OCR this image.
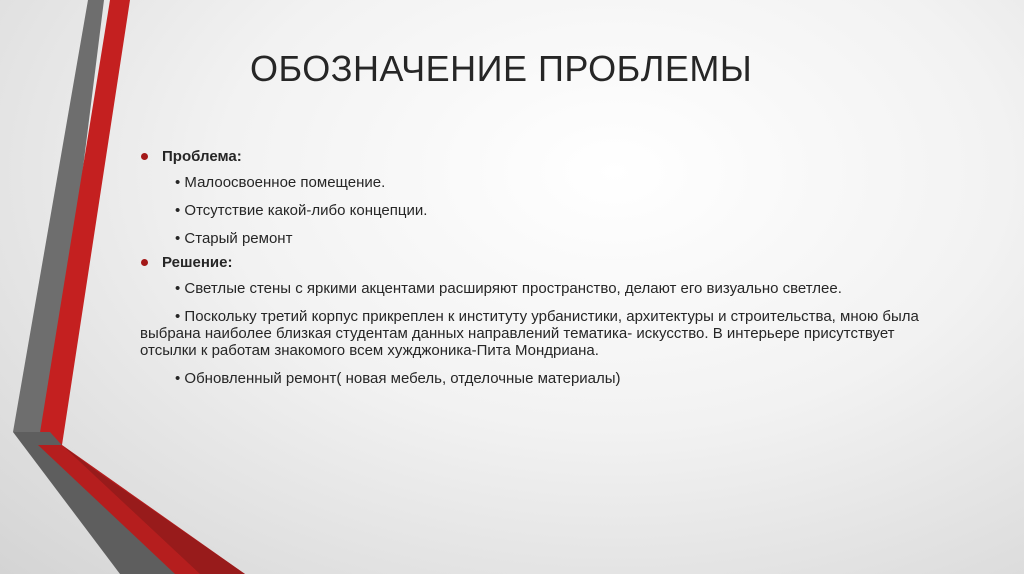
ОБОЗНАЧЕНИЕ ПРОБЛЕМЫ
Проблема:
• Малоосвоенное помещение.
• Отсутствие какой-либо концепции.
• Старый ремонт
Решение:
• Светлые стены с яркими акцентами расширяют пространство, делают его визуально светлее.
• Поскольку третий корпус прикреплен к институту урбанистики, архитектуры и строительства, мною была выбрана наиболее близкая студентам данных направлений тематика- искусство. В интерьере присутствует отсылки к работам знакомого всем хужджоника-Пита Мондриана.
• Обновленный ремонт( новая мебель, отделочные материалы)
